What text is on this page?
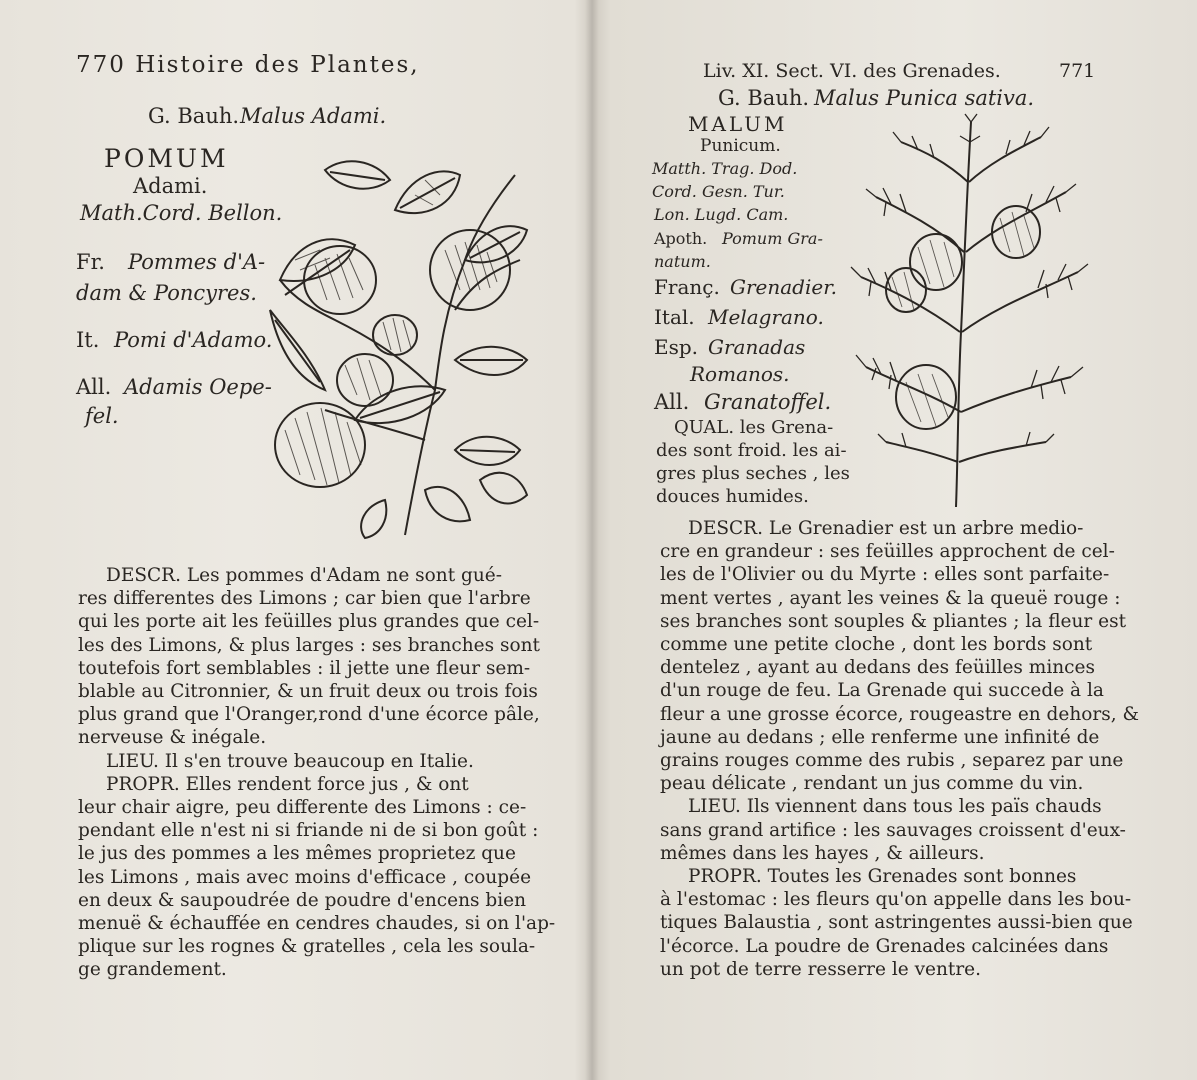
770 Histoire des Plantes,
G. Bauh. Malus Adami.
POMUM
Adami.
Math.Cord. Bellon.
Fr. Pommes d'A-
dam & Poncyres.
It. Pomi d'Adamo.
All. Adamis Oepe-
fel.
DESCR. Les pommes d'Adam ne sont gué-
res differentes des Limons ; car bien que l'arbre
qui les porte ait les feüilles plus grandes que cel-
les des Limons, & plus larges : ses branches sont
toutefois fort semblables : il jette une fleur sem-
blable au Citronnier, & un fruit deux ou trois fois
plus grand que l'Oranger,rond d'une écorce pâle,
nerveuse & inégale.
LIEU. Il s'en trouve beaucoup en Italie.
PROPR. Elles rendent force jus , & ont
leur chair aigre, peu differente des Limons : ce-
pendant elle n'est ni si friande ni de si bon goût :
le jus des pommes a les mêmes proprietez que
les Limons , mais avec moins d'efficace , coupée
en deux & saupoudrée de poudre d'encens bien
menuë & échauffée en cendres chaudes, si on l'ap-
plique sur les rognes & gratelles , cela les soula-
ge grandement.
Liv. XI. Sect. VI. des Grenades.	771
G. Bauh. Malus Punica sativa.
MALUM
Punicum.
Matth. Trag. Dod.
Cord. Gesn. Tur.
Lon. Lugd. Cam.
Apoth. Pomum Gra-
natum.
Franç. Grenadier.
Ital. Melagrano.
Esp. Granadas
Romanos.
All. Granatoffel.
QUAL. les Grena-
des sont froid. les ai-
gres plus seches , les
douces humides.
DESCR. Le Grenadier est un arbre medio-
cre en grandeur : ses feüilles approchent de cel-
les de l'Olivier ou du Myrte : elles sont parfaite-
ment vertes , ayant les veines & la queuë rouge :
ses branches sont souples & pliantes ; la fleur est
comme une petite cloche , dont les bords sont
dentelez , ayant au dedans des feüilles minces
d'un rouge de feu. La Grenade qui succede à la
fleur a une grosse écorce, rougeastre en dehors, &
jaune au dedans ; elle renferme une infinité de
grains rouges comme des rubis , separez par une
peau délicate , rendant un jus comme du vin.
LIEU. Ils viennent dans tous les païs chauds
sans grand artifice : les sauvages croissent d'eux-
mêmes dans les hayes , & ailleurs.
PROPR. Toutes les Grenades sont bonnes
à l'estomac : les fleurs qu'on appelle dans les bou-
tiques Balaustia , sont astringentes aussi-bien que
l'écorce. La poudre de Grenades calcinées dans
un pot de terre resserre le ventre.
